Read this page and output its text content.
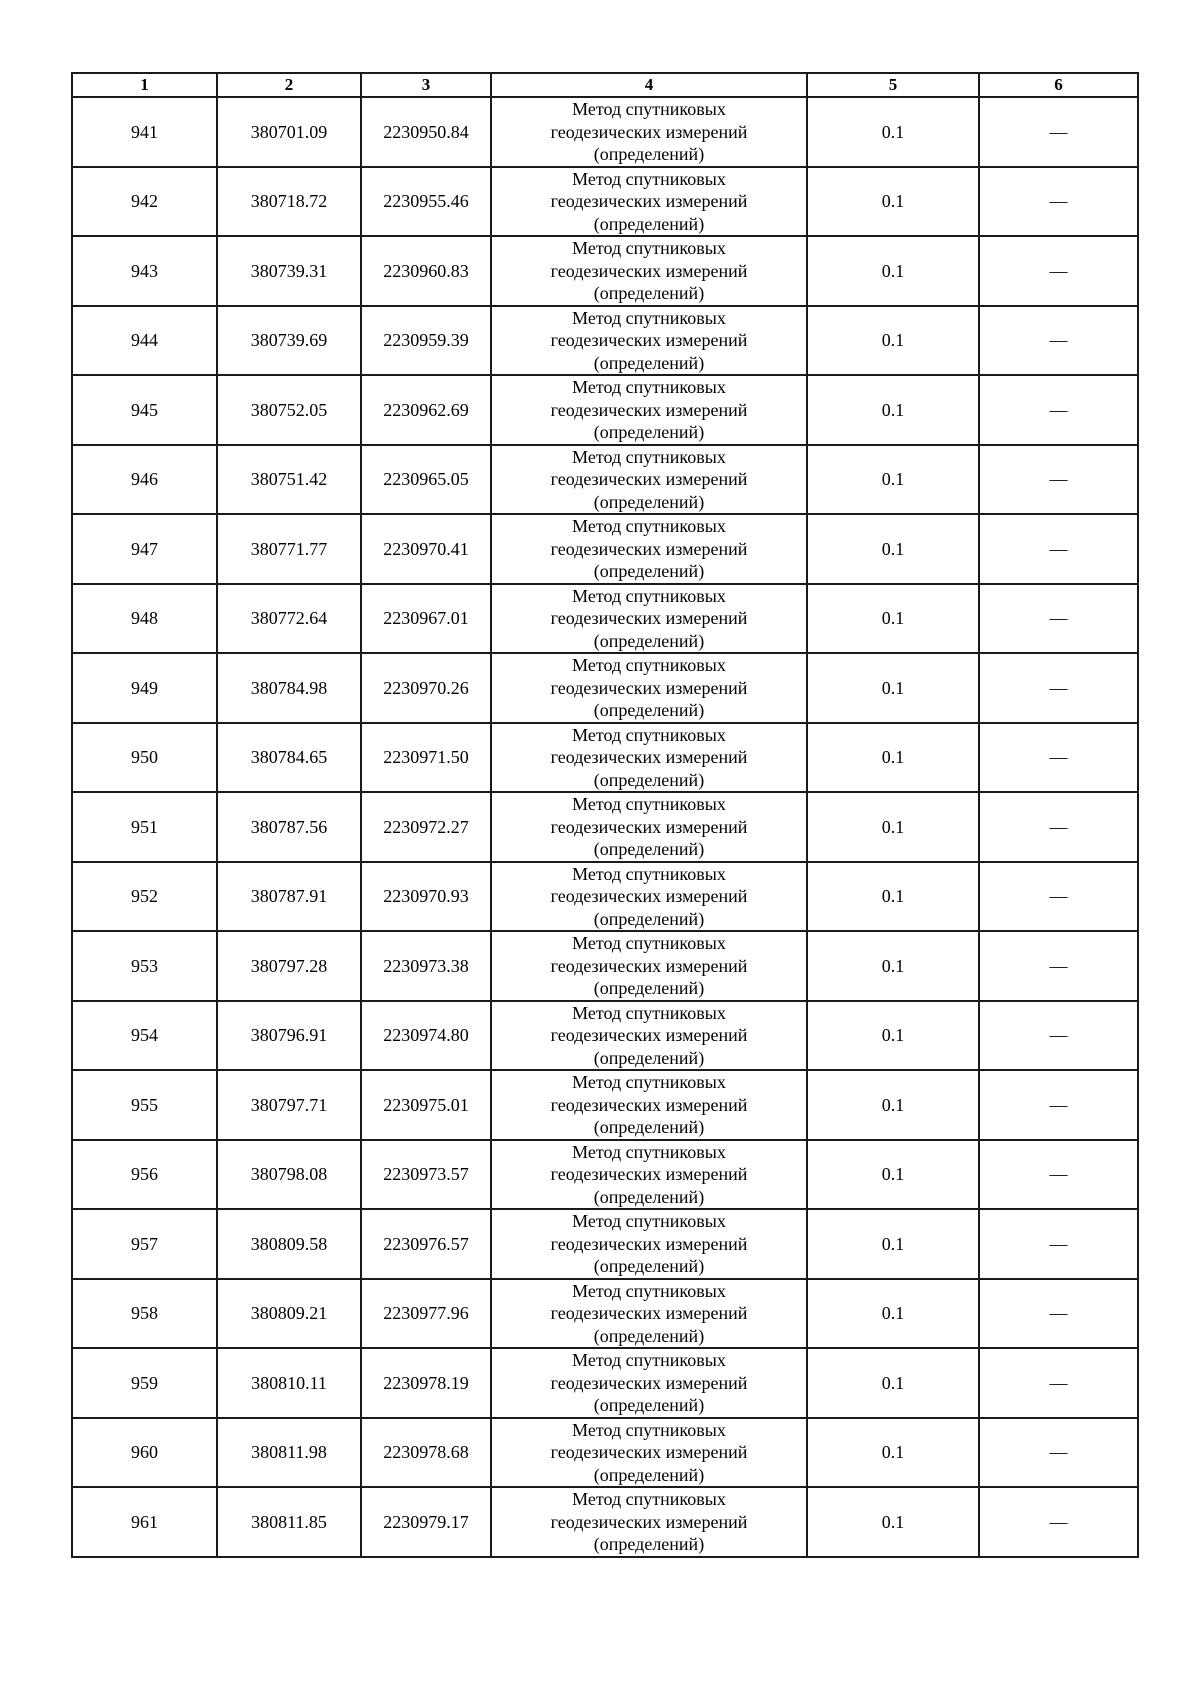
1	2	3	4	5	6
941	380701.09	2230950.84	Метод спутниковых
геодезических измерений
(определений)	0.1	—
942	380718.72	2230955.46	Метод спутниковых
геодезических измерений
(определений)	0.1	—
943	380739.31	2230960.83	Метод спутниковых
геодезических измерений
(определений)	0.1	—
944	380739.69	2230959.39	Метод спутниковых
геодезических измерений
(определений)	0.1	—
945	380752.05	2230962.69	Метод спутниковых
геодезических измерений
(определений)	0.1	—
946	380751.42	2230965.05	Метод спутниковых
геодезических измерений
(определений)	0.1	—
947	380771.77	2230970.41	Метод спутниковых
геодезических измерений
(определений)	0.1	—
948	380772.64	2230967.01	Метод спутниковых
геодезических измерений
(определений)	0.1	—
949	380784.98	2230970.26	Метод спутниковых
геодезических измерений
(определений)	0.1	—
950	380784.65	2230971.50	Метод спутниковых
геодезических измерений
(определений)	0.1	—
951	380787.56	2230972.27	Метод спутниковых
геодезических измерений
(определений)	0.1	—
952	380787.91	2230970.93	Метод спутниковых
геодезических измерений
(определений)	0.1	—
953	380797.28	2230973.38	Метод спутниковых
геодезических измерений
(определений)	0.1	—
954	380796.91	2230974.80	Метод спутниковых
геодезических измерений
(определений)	0.1	—
955	380797.71	2230975.01	Метод спутниковых
геодезических измерений
(определений)	0.1	—
956	380798.08	2230973.57	Метод спутниковых
геодезических измерений
(определений)	0.1	—
957	380809.58	2230976.57	Метод спутниковых
геодезических измерений
(определений)	0.1	—
958	380809.21	2230977.96	Метод спутниковых
геодезических измерений
(определений)	0.1	—
959	380810.11	2230978.19	Метод спутниковых
геодезических измерений
(определений)	0.1	—
960	380811.98	2230978.68	Метод спутниковых
геодезических измерений
(определений)	0.1	—
961	380811.85	2230979.17	Метод спутниковых
геодезических измерений
(определений)	0.1	—
